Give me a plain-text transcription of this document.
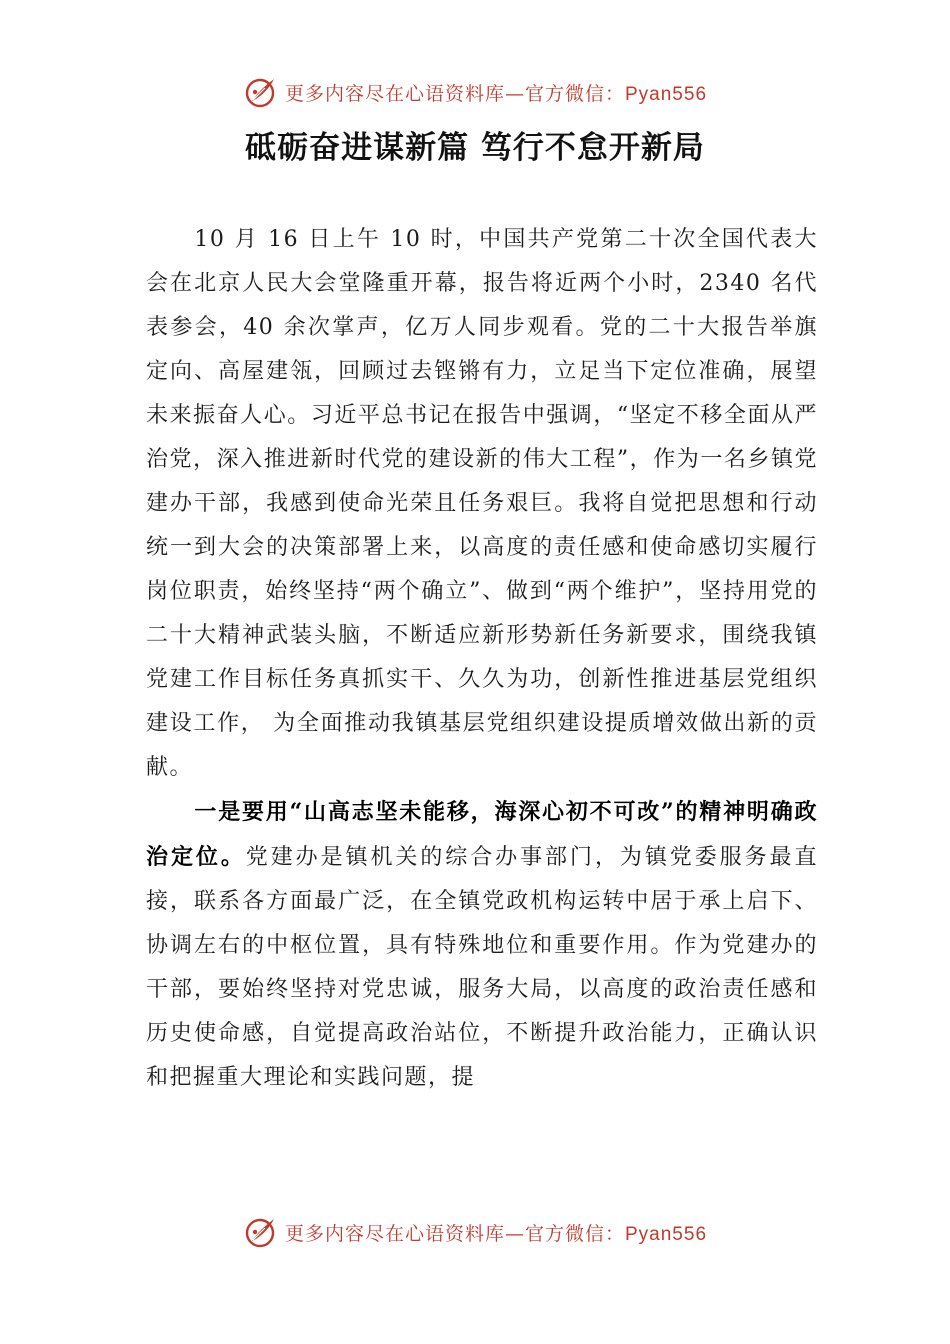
更多内容尽在心语资料库—官方微信：Pyan556
砥砺奋进谋新篇 笃行不怠开新局

10 月 16 日上午 10 时，中国共产党第二十次全国代表大会在北京人民大会堂隆重开幕，报告将近两个小时，2340 名代表参会，40 余次掌声，亿万人同步观看。党的二十大报告举旗定向、高屋建瓴，回顾过去铿锵有力，立足当下定位准确，展望未来振奋人心。习近平总书记在报告中强调，“坚定不移全面从严治党，深入推进新时代党的建设新的伟大工程”，作为一名乡镇党建办干部，我感到使命光荣且任务艰巨。我将自觉把思想和行动统一到大会的决策部署上来，以高度的责任感和使命感切实履行岗位职责，始终坚持“两个确立”、做到“两个维护”，坚持用党的二十大精神武装头脑，不断适应新形势新任务新要求，围绕我镇党建工作目标任务真抓实干、久久为功，创新性推进基层党组织建设工作， 为全面推动我镇基层党组织建设提质增效做出新的贡献。

一是要用“山高志坚未能移，海深心初不可改”的精神明确政治定位。党建办是镇机关的综合办事部门，为镇党委服务最直接，联系各方面最广泛，在全镇党政机构运转中居于承上启下、协调左右的中枢位置，具有特殊地位和重要作用。作为党建办的干部，要始终坚持对党忠诚，服务大局，以高度的政治责任感和历史使命感，自觉提高政治站位，不断提升政治能力，正确认识和把握重大理论和实践问题，提

更多内容尽在心语资料库—官方微信：Pyan556
